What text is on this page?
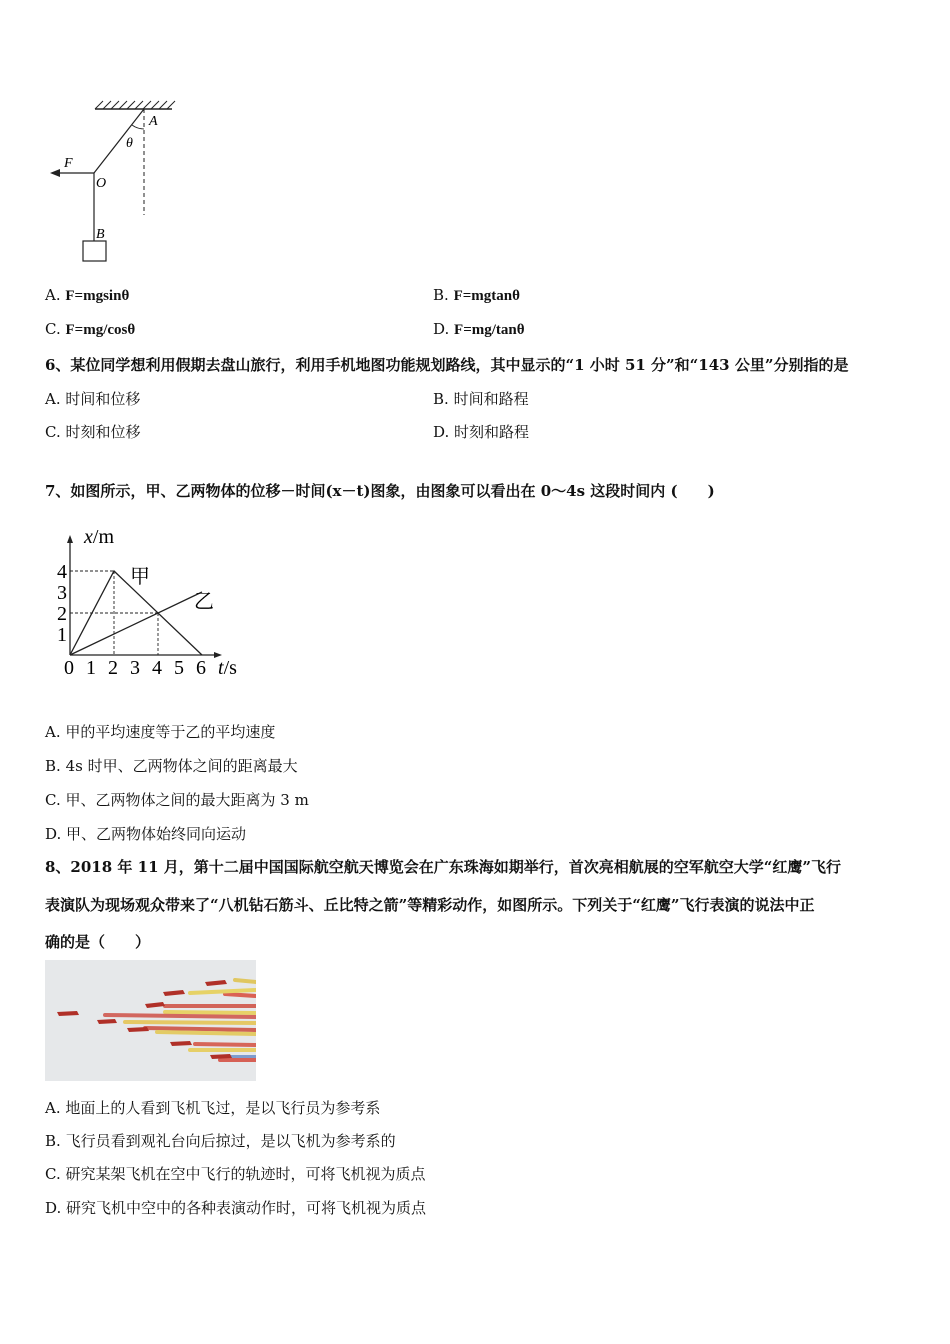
F
O
A
θ
B
A. F=mgsinθ	B. F=mgtanθ
C. F=mg/cosθ	D. F=mg/tanθ
6、某位同学想利用假期去盘山旅行，利用手机地图功能规划路线，其中显示的“1 小时 51 分”和“143 公里”分别指的是
A. 时间和位移	B. 时间和路程
C. 时刻和位移	D. 时刻和路程
7、如图所示，甲、乙两物体的位移－时间(x－t)图象，由图象可以看出在 0～4s 这段时间内 (　　)
0 1 2 3 4 5 6
1
2
3
4	甲
乙
x/m
t/s
A. 甲的平均速度等于乙的平均速度
B. 4s 时甲、乙两物体之间的距离最大
C. 甲、乙两物体之间的最大距离为 3 m
D. 甲、乙两物体始终同向运动
8、2018 年 11 月，第十二届中国国际航空航天博览会在广东珠海如期举行，首次亮相航展的空军航空大学“红鹰”飞行
表演队为现场观众带来了“八机钻石筋斗、丘比特之箭”等精彩动作，如图所示。下列关于“红鹰”飞行表演的说法中正
确的是（　　）
A. 地面上的人看到飞机飞过，是以飞行员为参考系
B. 飞行员看到观礼台向后掠过，是以飞机为参考系的
C. 研究某架飞机在空中飞行的轨迹时，可将飞机视为质点
D. 研究飞机中空中的各种表演动作时，可将飞机视为质点
